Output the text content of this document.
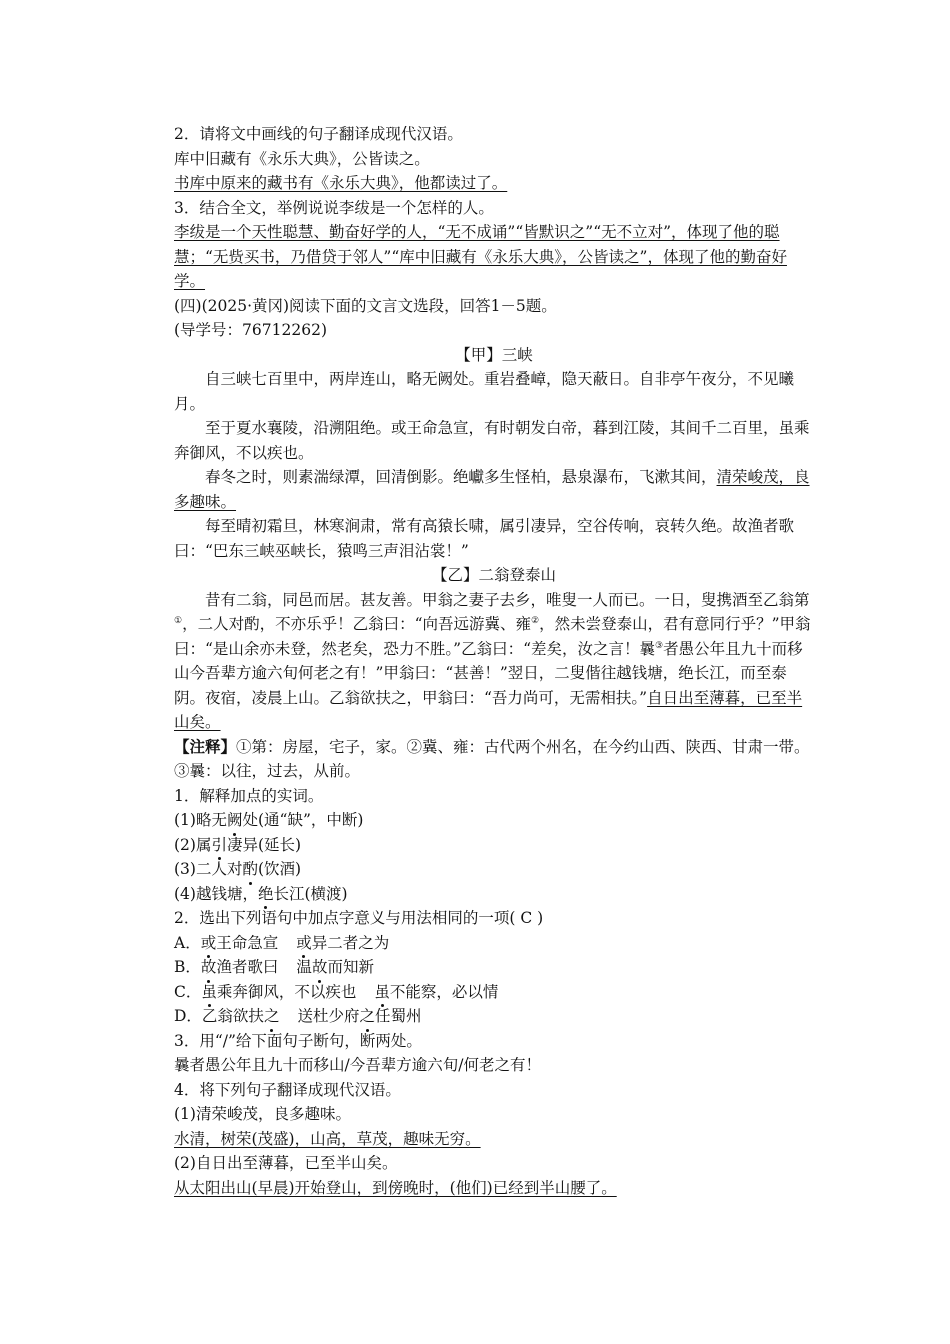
2．请将文中画线的句子翻译成现代汉语。

库中旧藏有《永乐大典》，公皆读之。

书库中原来的藏书有《永乐大典》，他都读过了。

3．结合全文，举例说说李绂是一个怎样的人。

李绂是一个天性聪慧、勤奋好学的人，“无不成诵”“皆默识之”“无不立对”，体现了他的聪慧；“无赀买书，乃借贷于邻人”“库中旧藏有《永乐大典》，公皆读之”，体现了他的勤奋好学。

(四)(2025·黄冈)阅读下面的文言文选段，回答1－5题。

(导学号：76712262)

【甲】三峡

自三峡七百里中，两岸连山，略无阙处。重岩叠嶂，隐天蔽日。自非亭午夜分，不见曦月。

至于夏水襄陵，沿溯阻绝。或王命急宣，有时朝发白帝，暮到江陵，其间千二百里，虽乘奔御风，不以疾也。

春冬之时，则素湍绿潭，回清倒影。绝巘多生怪柏，悬泉瀑布，飞漱其间，清荣峻茂，良多趣味。

每至晴初霜旦，林寒涧肃，常有高猿长啸，属引凄异，空谷传响，哀转久绝。故渔者歌曰：“巴东三峡巫峡长，猿鸣三声泪沾裳！”

【乙】二翁登泰山

昔有二翁，同邑而居。甚友善。甲翁之妻子去乡，唯叟一人而已。一日，叟携酒至乙翁第①，二人对酌，不亦乐乎！乙翁曰：“向吾远游冀、雍②，然未尝登泰山，君有意同行乎？”甲翁曰：“是山余亦未登，然老矣，恐力不胜。”乙翁曰：“差矣，汝之言！曩③者愚公年且九十而移山今吾辈方逾六旬何老之有！”甲翁曰：“甚善！”翌日，二叟偕往越钱塘，绝长江，而至泰阴。夜宿，凌晨上山。乙翁欲扶之，甲翁曰：“吾力尚可，无需相扶。”自日出至薄暮，已至半山矣。

【注释】①第：房屋，宅子，家。②冀、雍：古代两个州名，在今约山西、陕西、甘肃一带。③曩：以往，过去，从前。

1．解释加点的实词。

(1)略无阙处(通“缺”，中断)

(2)属引凄异(延长)

(3)二人对酌(饮酒)

(4)越钱塘，绝长江(横渡)

2．选出下列语句中加点字意义与用法相同的一项( C )

A．或王命急宣 或异二者之为

B．故渔者歌曰 温故而知新

C．虽乘奔御风，不以疾也 虽不能察，必以情

D．乙翁欲扶之 送杜少府之任蜀州

3．用“/”给下面句子断句，断两处。

曩者愚公年且九十而移山/今吾辈方逾六旬/何老之有！

4．将下列句子翻译成现代汉语。

(1)清荣峻茂，良多趣味。

水清，树荣(茂盛)，山高，草茂，趣味无穷。

(2)自日出至薄暮，已至半山矣。

从太阳出山(早晨)开始登山，到傍晚时，(他们)已经到半山腰了。
